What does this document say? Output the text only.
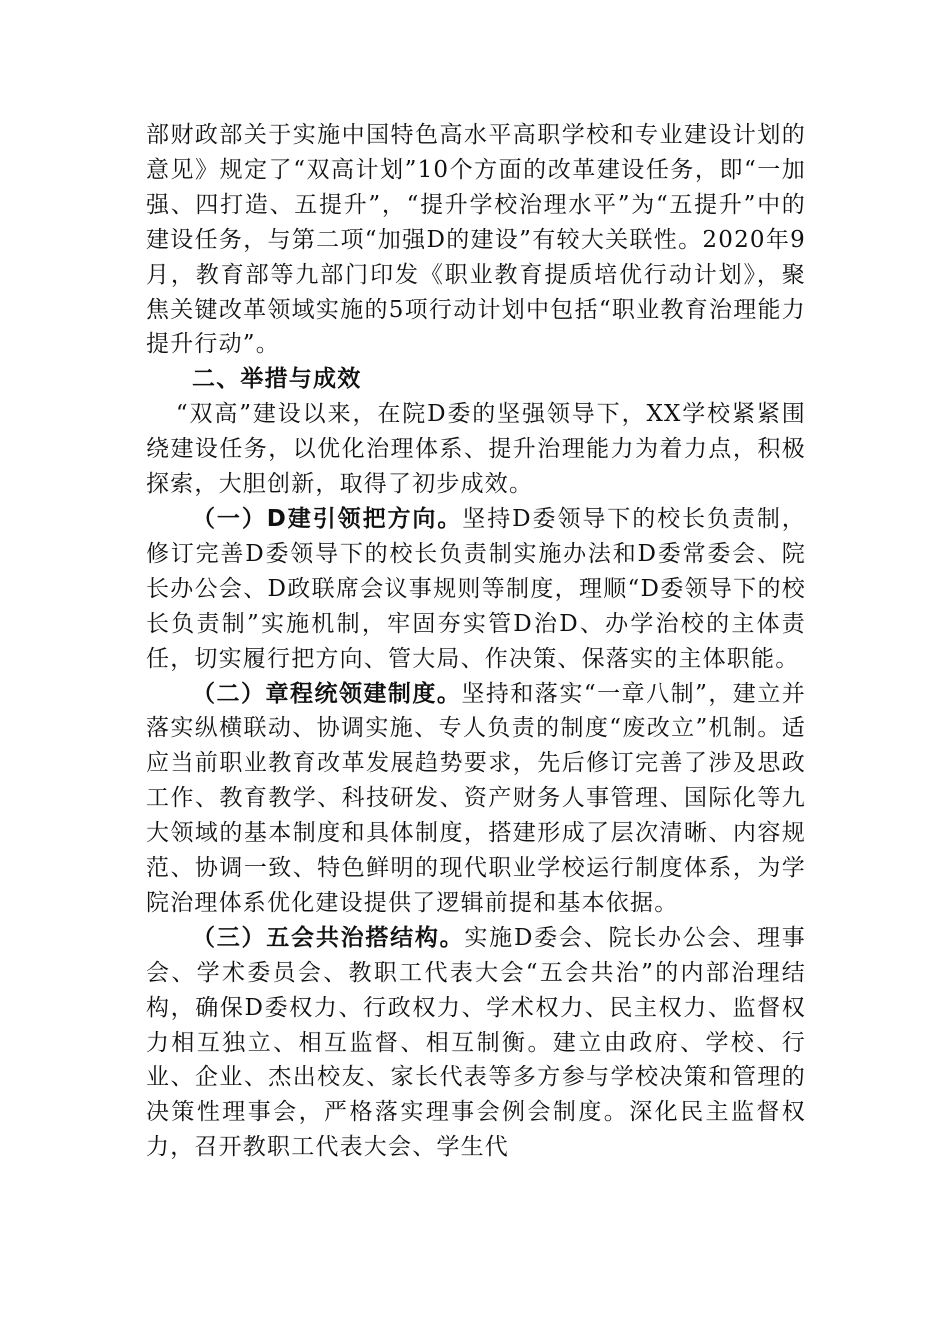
部财政部关于实施中国特色高水平高职学校和专业建设计划的意见》规定了“双高计划”10个方面的改革建设任务，即“一加强、四打造、五提升”，“提升学校治理水平”为“五提升”中的建设任务，与第二项“加强D的建设”有较大关联性。2020年9月，教育部等九部门印发《职业教育提质培优行动计划》，聚焦关键改革领域实施的5项行动计划中包括“职业教育治理能力提升行动”。

二、举措与成效

“双高”建设以来，在院D委的坚强领导下，XX学校紧紧围绕建设任务，以优化治理体系、提升治理能力为着力点，积极探索，大胆创新，取得了初步成效。

（一）D建引领把方向。坚持D委领导下的校长负责制，修订完善D委领导下的校长负责制实施办法和D委常委会、院长办公会、D政联席会议事规则等制度，理顺“D委领导下的校长负责制”实施机制，牢固夯实管D治D、办学治校的主体责任，切实履行把方向、管大局、作决策、保落实的主体职能。

（二）章程统领建制度。坚持和落实“一章八制”，建立并落实纵横联动、协调实施、专人负责的制度“废改立”机制。适应当前职业教育改革发展趋势要求，先后修订完善了涉及思政工作、教育教学、科技研发、资产财务人事管理、国际化等九大领域的基本制度和具体制度，搭建形成了层次清晰、内容规范、协调一致、特色鲜明的现代职业学校运行制度体系，为学院治理体系优化建设提供了逻辑前提和基本依据。

（三）五会共治搭结构。实施D委会、院长办公会、理事会、学术委员会、教职工代表大会“五会共治”的内部治理结构，确保D委权力、行政权力、学术权力、民主权力、监督权力相互独立、相互监督、相互制衡。建立由政府、学校、行业、企业、杰出校友、家长代表等多方参与学校决策和管理的决策性理事会，严格落实理事会例会制度。深化民主监督权力，召开教职工代表大会、学生代
